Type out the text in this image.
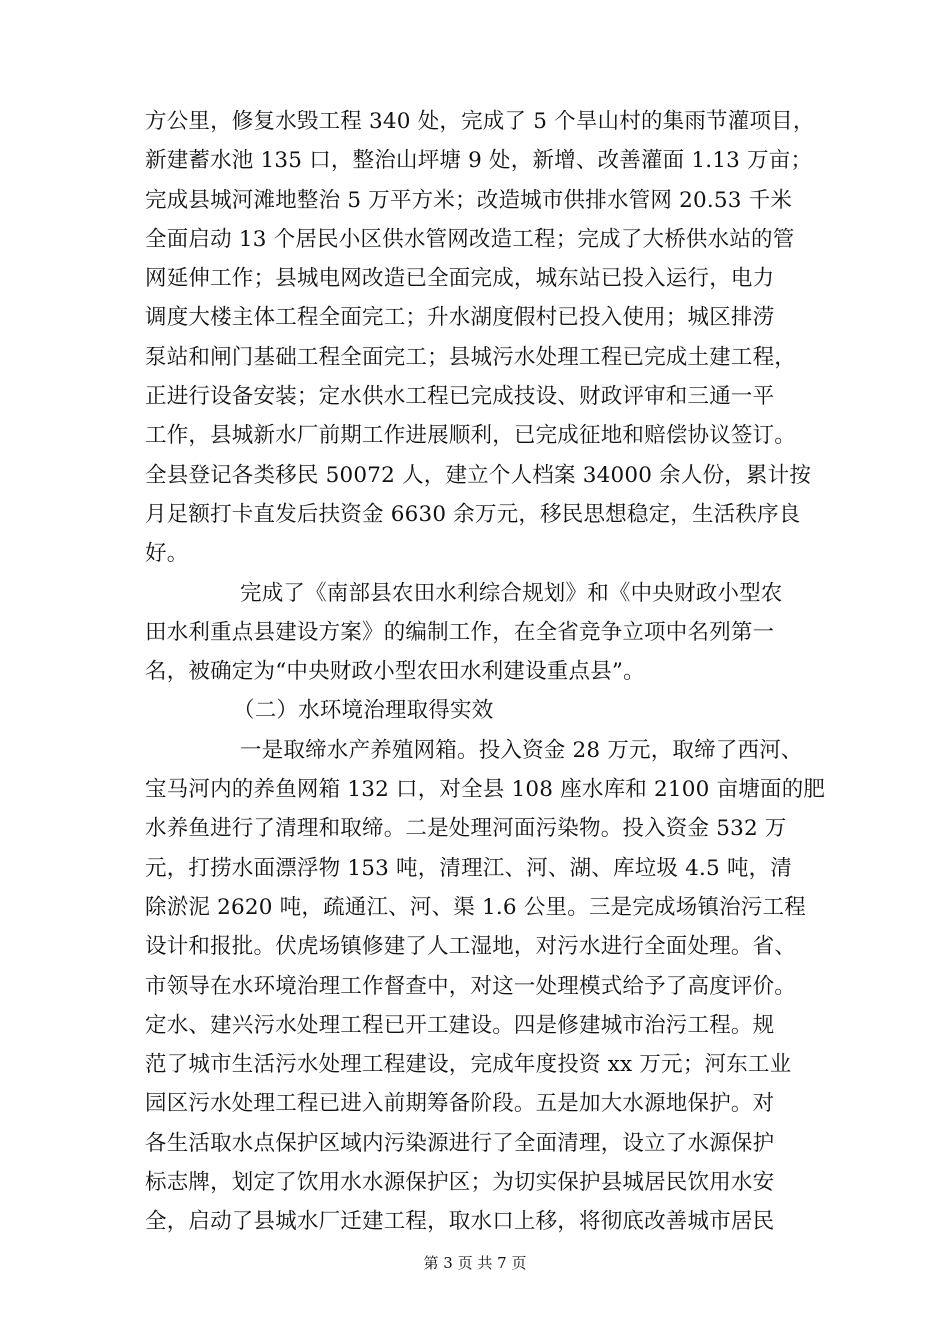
方公里，修复水毁工程 340 处，完成了 5 个旱山村的集雨节灌项目，
新建蓄水池 135 口，整治山坪塘 9 处，新增、改善灌面 1.13 万亩；
完成县城河滩地整治 5 万平方米；改造城市供排水管网 20.53 千米
全面启动 13 个居民小区供水管网改造工程；完成了大桥供水站的管
网延伸工作；县城电网改造已全面完成，城东站已投入运行，电力
调度大楼主体工程全面完工；升水湖度假村已投入使用；城区排涝
泵站和闸门基础工程全面完工；县城污水处理工程已完成土建工程，
正进行设备安装；定水供水工程已完成技设、财政评审和三通一平
工作，县城新水厂前期工作进展顺利，已完成征地和赔偿协议签订。
全县登记各类移民 50072 人，建立个人档案 34000 余人份，累计按
月足额打卡直发后扶资金 6630 余万元，移民思想稳定，生活秩序良
好。
完成了《南部县农田水利综合规划》和《中央财政小型农
田水利重点县建设方案》的编制工作，在全省竞争立项中名列第一
名，被确定为“中央财政小型农田水利建设重点县”。
（二）水环境治理取得实效
一是取缔水产养殖网箱。投入资金 28 万元，取缔了西河、
宝马河内的养鱼网箱 132 口，对全县 108 座水库和 2100 亩塘面的肥
水养鱼进行了清理和取缔。二是处理河面污染物。投入资金 532 万
元，打捞水面漂浮物 153 吨，清理江、河、湖、库垃圾 4.5 吨，清
除淤泥 2620 吨，疏通江、河、渠 1.6 公里。三是完成场镇治污工程
设计和报批。伏虎场镇修建了人工湿地，对污水进行全面处理。省、
市领导在水环境治理工作督查中，对这一处理模式给予了高度评价。
定水、建兴污水处理工程已开工建设。四是修建城市治污工程。规
范了城市生活污水处理工程建设，完成年度投资 xx 万元；河东工业
园区污水处理工程已进入前期筹备阶段。五是加大水源地保护。对
各生活取水点保护区域内污染源进行了全面清理，设立了水源保护
标志牌，划定了饮用水水源保护区；为切实保护县城居民饮用水安
全，启动了县城水厂迁建工程，取水口上移，将彻底改善城市居民
第 3 页 共 7 页
